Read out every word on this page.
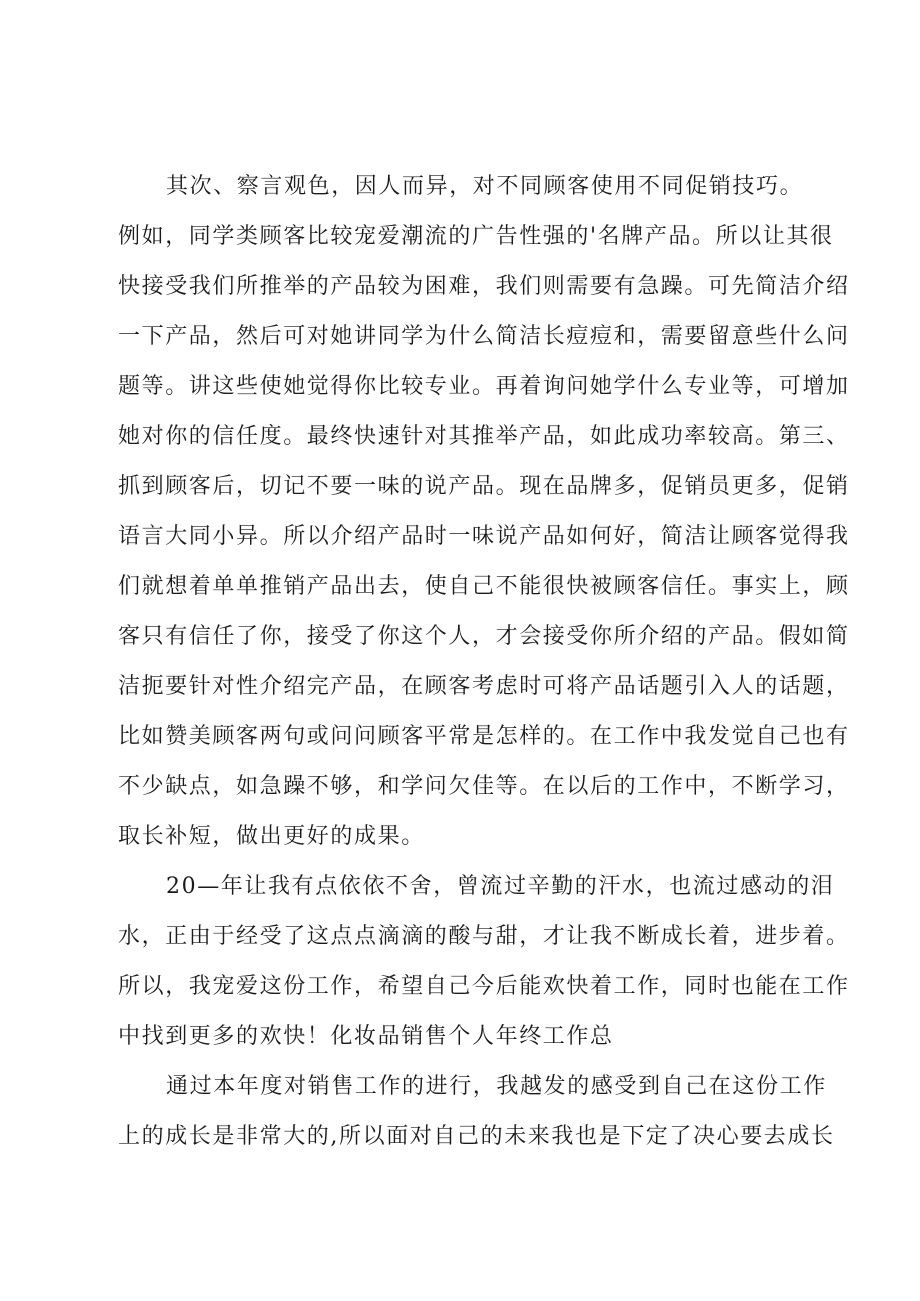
其次、察言观色，因人而异，对不同顾客使用不同促销技巧。
例如，同学类顾客比较宠爱潮流的广告性强的'名牌产品。所以让其很
快接受我们所推举的产品较为困难，我们则需要有急躁。可先简洁介绍
一下产品，然后可对她讲同学为什么简洁长痘痘和，需要留意些什么问
题等。讲这些使她觉得你比较专业。再着询问她学什么专业等，可增加
她对你的信任度。最终快速针对其推举产品，如此成功率较高。第三、
抓到顾客后，切记不要一味的说产品。现在品牌多，促销员更多，促销
语言大同小异。所以介绍产品时一味说产品如何好，简洁让顾客觉得我
们就想着单单推销产品出去，使自己不能很快被顾客信任。事实上，顾
客只有信任了你，接受了你这个人，才会接受你所介绍的产品。假如简
洁扼要针对性介绍完产品，在顾客考虑时可将产品话题引入人的话题，
比如赞美顾客两句或问问顾客平常是怎样的。在工作中我发觉自己也有
不少缺点，如急躁不够，和学问欠佳等。在以后的工作中，不断学习，
取长补短，做出更好的成果。
20—年让我有点依依不舍，曾流过辛勤的汗水，也流过感动的泪
水，正由于经受了这点点滴滴的酸与甜，才让我不断成长着，进步着。
所以，我宠爱这份工作，希望自己今后能欢快着工作，同时也能在工作
中找到更多的欢快！化妆品销售个人年终工作总
通过本年度对销售工作的进行，我越发的感受到自己在这份工作
上的成长是非常大的,所以面对自己的未来我也是下定了决心要去成长
